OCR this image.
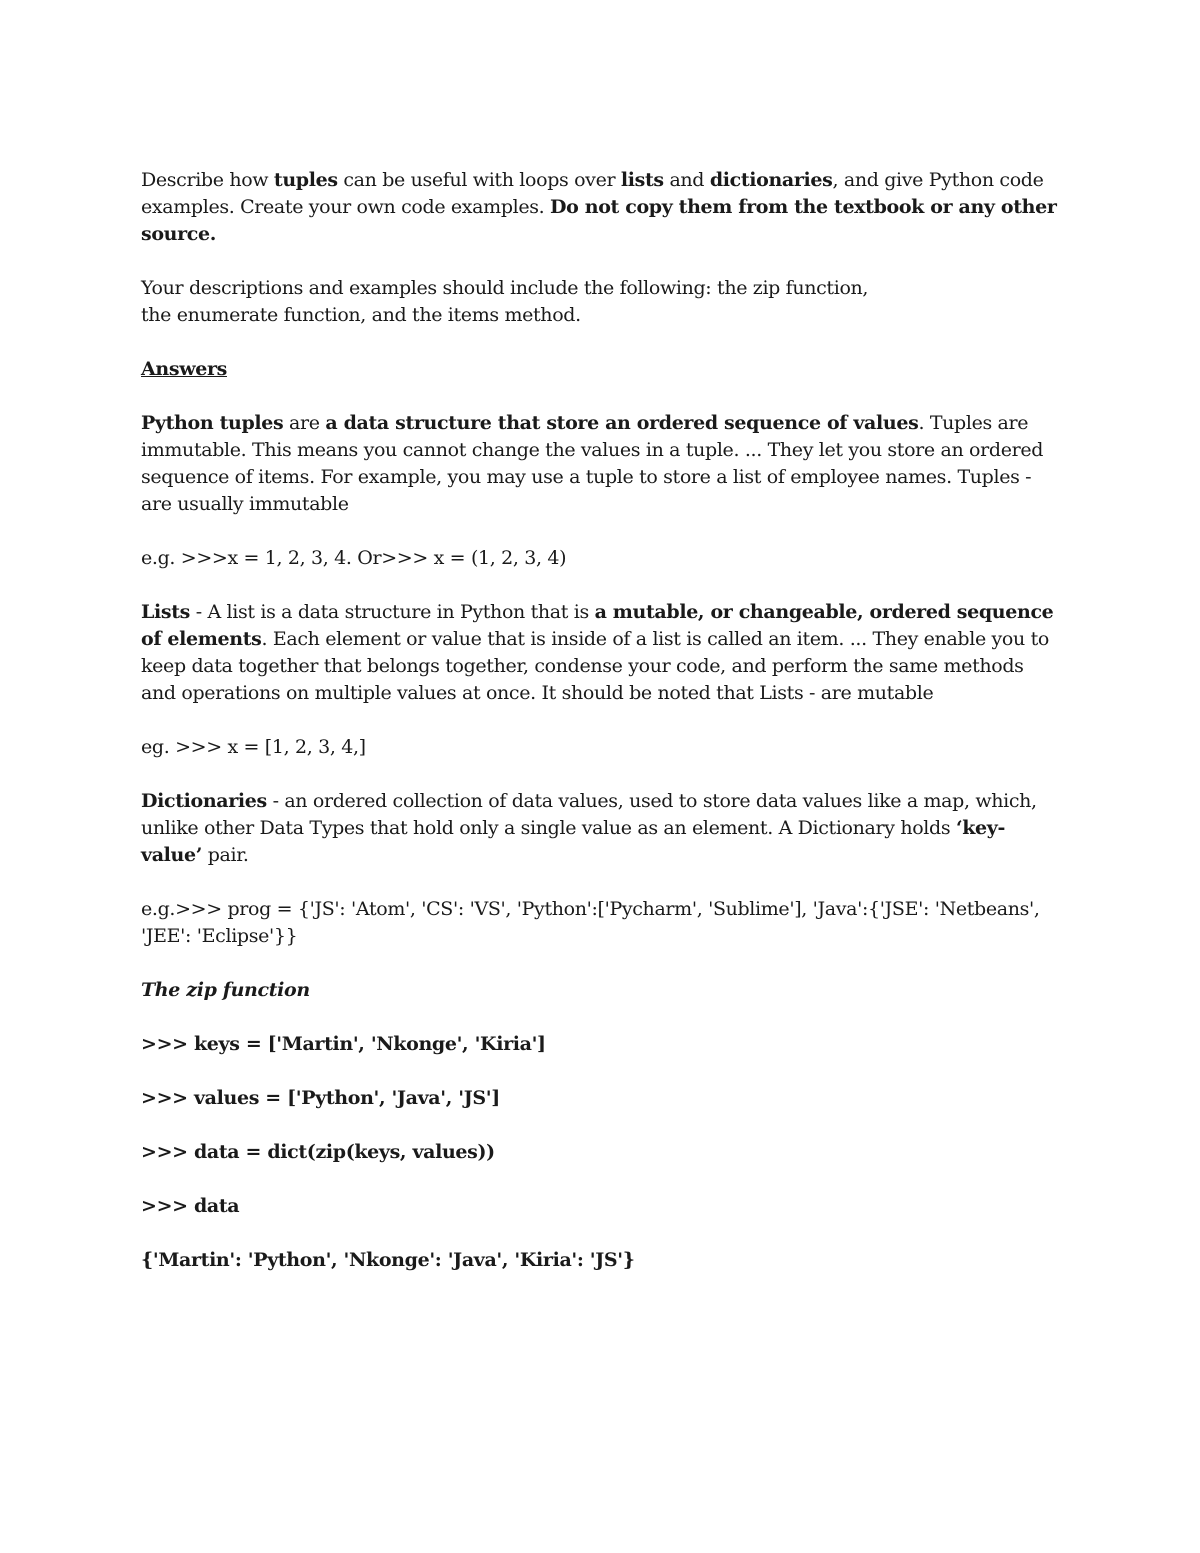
Describe how tuples can be useful with loops over lists and dictionaries, and give Python code examples. Create your own code examples. Do not copy them from the textbook or any other source.

Your descriptions and examples should include the following: the zip function,
the enumerate function, and the items method.

Answers

Python tuples are a data structure that store an ordered sequence of values. Tuples are immutable. This means you cannot change the values in a tuple. ... They let you store an ordered sequence of items. For example, you may use a tuple to store a list of employee names. Tuples - are usually immutable

e.g. >>>x = 1, 2, 3, 4. Or>>> x = (1, 2, 3, 4)

Lists - A list is a data structure in Python that is a mutable, or changeable, ordered sequence of elements. Each element or value that is inside of a list is called an item. ... They enable you to keep data together that belongs together, condense your code, and perform the same methods and operations on multiple values at once. It should be noted that Lists - are mutable

eg. >>> x = [1, 2, 3, 4,]

Dictionaries - an ordered collection of data values, used to store data values like a map, which, unlike other Data Types that hold only a single value as an element. A Dictionary holds ‘key-value’ pair.

e.g.>>> prog = {'JS': 'Atom', 'CS': 'VS', 'Python':['Pycharm', 'Sublime'], 'Java':{'JSE': 'Netbeans', 'JEE': 'Eclipse'}}

The zip function

>>> keys = ['Martin', 'Nkonge', 'Kiria']

>>> values = ['Python', 'Java', 'JS']

>>> data = dict(zip(keys, values))

>>> data

{'Martin': 'Python', 'Nkonge': 'Java', 'Kiria': 'JS'}
